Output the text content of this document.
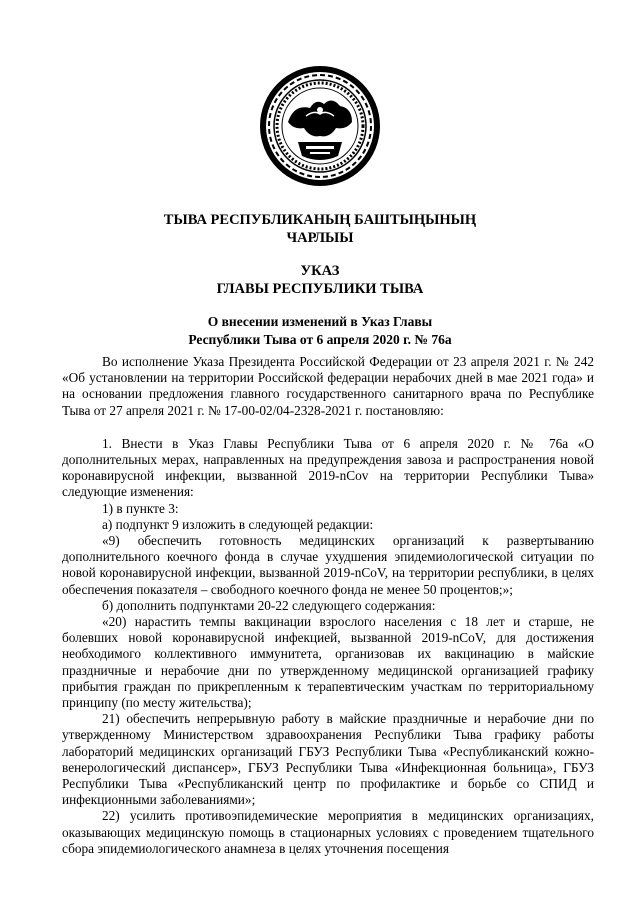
ТЫВА РЕСПУБЛИКАНЫҢ БАШТЫҢЫНЫҢ
ЧАРЛЫЫ
УКАЗ
ГЛАВЫ РЕСПУБЛИКИ ТЫВА
О внесении изменений в Указ Главы
Республики Тыва от 6 апреля 2020 г. № 76а

Во исполнение Указа Президента Российской Федерации от 23 апреля 2021 г. № 242 «Об установлении на территории Российской федерации нерабочих дней в мае 2021 года» и на основании предложения главного государственного санитарного врача по Республике Тыва от 27 апреля 2021 г. № 17-00-02/04-2328-2021 г. постановляю:

1. Внести в Указ Главы Республики Тыва от 6 апреля 2020 г. № 76а «О дополнительных мерах, направленных на предупреждения завоза и распространения новой коронавирусной инфекции, вызванной 2019-nCov на территории Республики Тыва» следующие изменения:

1) в пункте 3:

а) подпункт 9 изложить в следующей редакции:

«9) обеспечить готовность медицинских организаций к развертыванию дополнительного коечного фонда в случае ухудшения эпидемиологической ситуации по новой коронавирусной инфекции, вызванной 2019-nCoV, на территории республики, в целях обеспечения показателя – свободного коечного фонда не менее 50 процентов;»;

б) дополнить подпунктами 20-22 следующего содержания:

«20) нарастить темпы вакцинации взрослого населения с 18 лет и старше, не болевших новой коронавирусной инфекцией, вызванной 2019-nCoV, для достижения необходимого коллективного иммунитета, организовав их вакцинацию в майские праздничные и нерабочие дни по утвержденному медицинской организацией графику прибытия граждан по прикрепленным к терапевтическим участкам по территориальному принципу (по месту жительства);

21) обеспечить непрерывную работу в майские праздничные и нерабочие дни по утвержденному Министерством здравоохранения Республики Тыва графику работы лабораторий медицинских организаций ГБУЗ Республики Тыва «Республиканский кожно-венерологический диспансер», ГБУЗ Республики Тыва «Инфекционная больница», ГБУЗ Республики Тыва «Республиканский центр по профилактике и борьбе со СПИД и инфекционными заболеваниями»;

22) усилить противоэпидемические мероприятия в медицинских организациях, оказывающих медицинскую помощь в стационарных условиях с проведением тщательного сбора эпидемиологического анамнеза в целях уточнения посещения
